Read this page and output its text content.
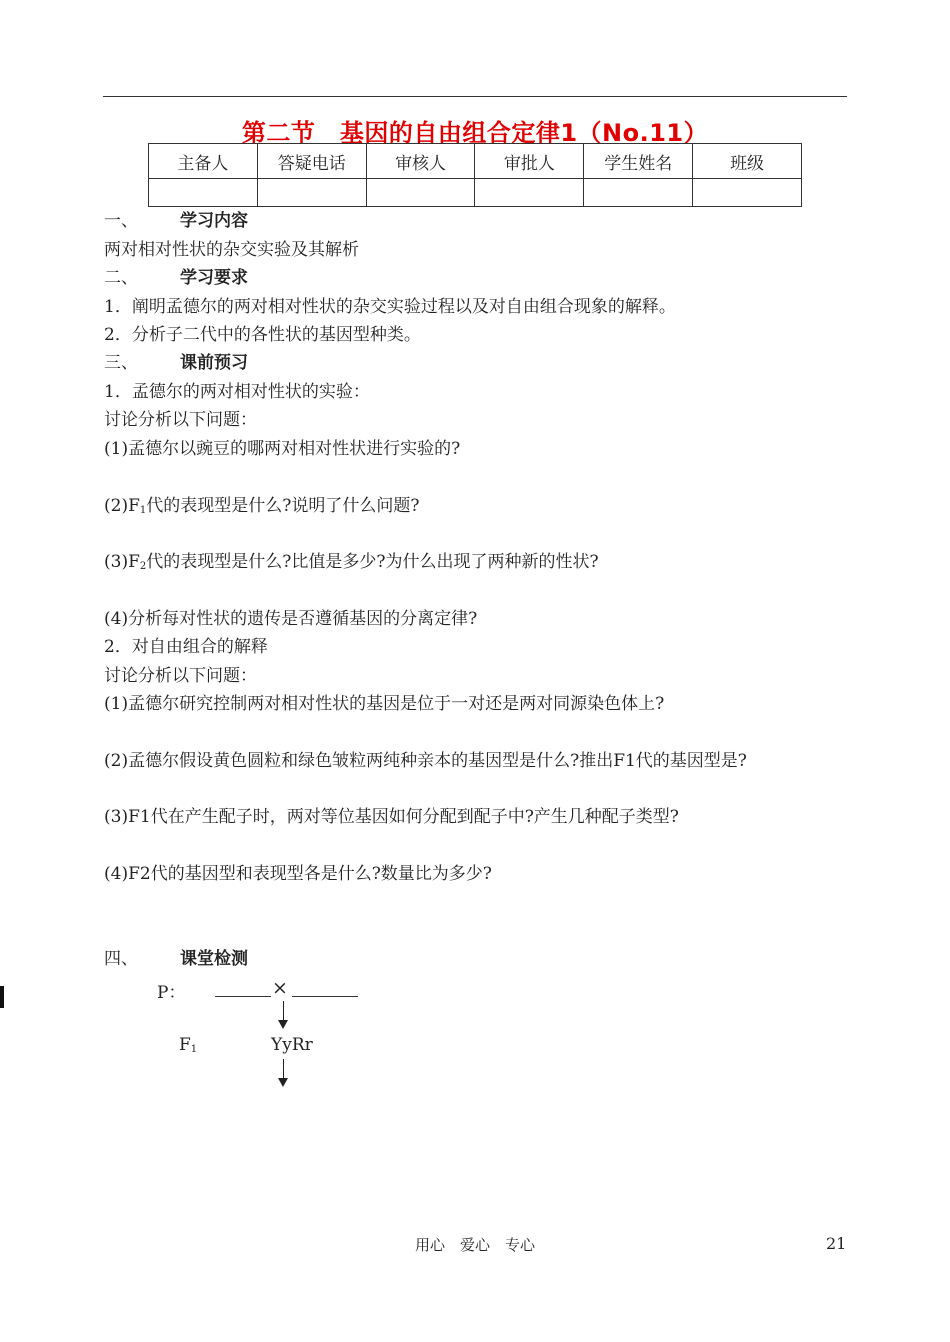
第二节　基因的自由组合定律1（No.11）
主备人	答疑电话	审核人	审批人	学生姓名	班级

一、 学习内容
两对相对性状的杂交实验及其解析
二、 学习要求
1．阐明孟德尔的两对相对性状的杂交实验过程以及对自由组合现象的解释。
2．分析子二代中的各性状的基因型种类。
三、 课前预习
1．孟德尔的两对相对性状的实验：
讨论分析以下问题：
(1)孟德尔以豌豆的哪两对相对性状进行实验的?
$(2)F_1$代的表现型是什么?说明了什么问题?
$(3)F_2$代的表现型是什么?比值是多少?为什么出现了两种新的性状?
(4)分析每对性状的遗传是否遵循基因的分离定律?
2．对自由组合的解释
讨论分析以下问题：
(1)孟德尔研究控制两对相对性状的基因是位于一对还是两对同源染色体上?
(2)孟德尔假设黄色圆粒和绿色皱粒两纯种亲本的基因型是什么?推出F1代的基因型是?
(3)F1代在产生配子时，两对等位基因如何分配到配子中?产生几种配子类型?
(4)F2代的基因型和表现型各是什么?数量比为多少?
四、 课堂检测
P：	×
$F_1$	YyRr
用心　爱心　专心	21
